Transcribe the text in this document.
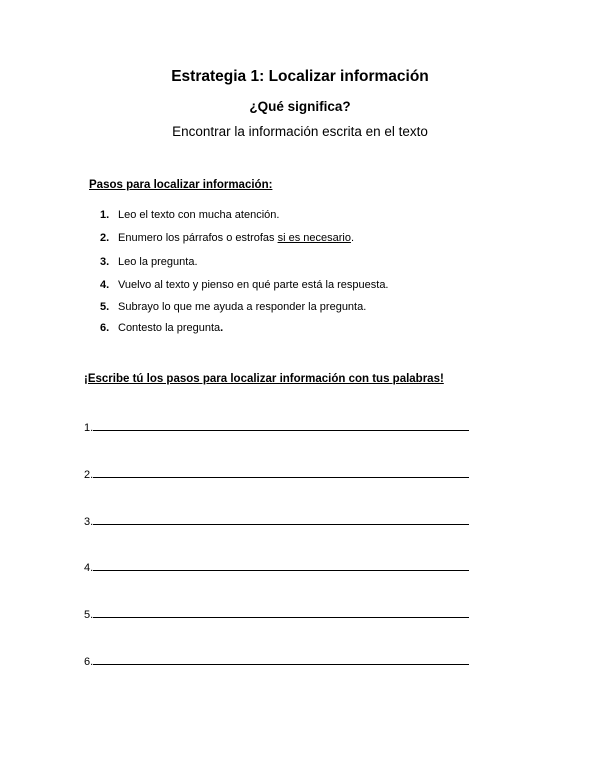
Estrategia 1: Localizar información
¿Qué significa?
Encontrar la información escrita en el texto
Pasos para localizar información:
1. Leo el texto con mucha atención.
2. Enumero los párrafos o estrofas si es necesario.
3. Leo la pregunta.
4. Vuelvo al texto y pienso en qué parte está la respuesta.
5. Subrayo lo que me ayuda a responder la pregunta.
6. Contesto la pregunta.
¡Escribe tú los pasos para localizar información con tus palabras!
1.
2.
3.
4.
5.
6.
